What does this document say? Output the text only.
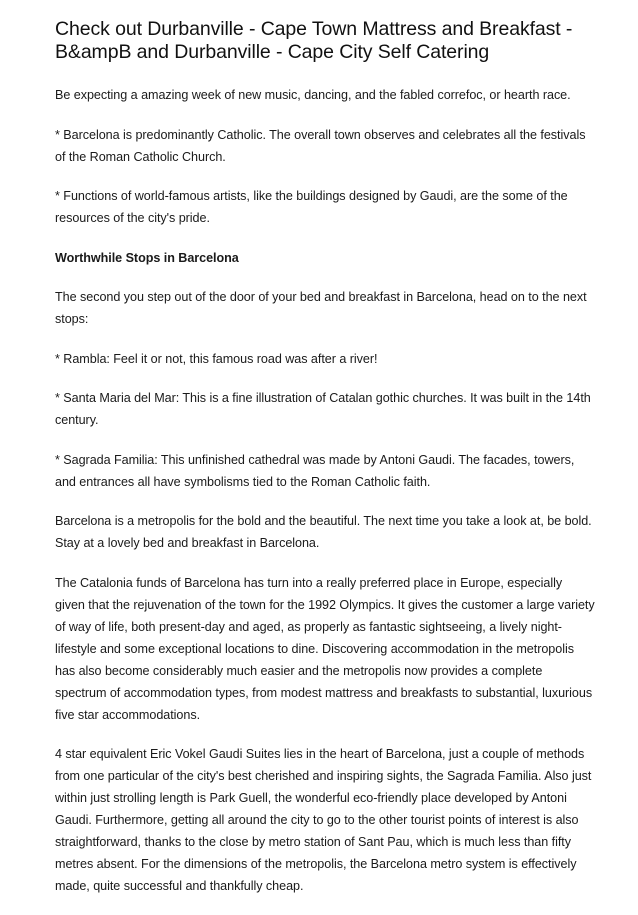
Check out Durbanville - Cape Town Mattress and Breakfast - B&ampB and Durbanville - Cape City Self Catering

Be expecting a amazing week of new music, dancing, and the fabled correfoc, or hearth race.

* Barcelona is predominantly Catholic. The overall town observes and celebrates all the festivals of the Roman Catholic Church.

* Functions of world-famous artists, like the buildings designed by Gaudi, are the some of the resources of the city's pride.

Worthwhile Stops in Barcelona

The second you step out of the door of your bed and breakfast in Barcelona, head on to the next stops:

* Rambla: Feel it or not, this famous road was after a river!

* Santa Maria del Mar: This is a fine illustration of Catalan gothic churches. It was built in the 14th century.

* Sagrada Familia: This unfinished cathedral was made by Antoni Gaudi. The facades, towers, and entrances all have symbolisms tied to the Roman Catholic faith.

Barcelona is a metropolis for the bold and the beautiful. The next time you take a look at, be bold. Stay at a lovely bed and breakfast in Barcelona.

The Catalonia funds of Barcelona has turn into a really preferred place in Europe, especially given that the rejuvenation of the town for the 1992 Olympics. It gives the customer a large variety of way of life, both present-day and aged, as properly as fantastic sightseeing, a lively night-lifestyle and some exceptional locations to dine. Discovering accommodation in the metropolis has also become considerably much easier and the metropolis now provides a complete spectrum of accommodation types, from modest mattress and breakfasts to substantial, luxurious five star accommodations.

4 star equivalent Eric Vokel Gaudi Suites lies in the heart of Barcelona, just a couple of methods from one particular of the city's best cherished and inspiring sights, the Sagrada Familia. Also just within just strolling length is Park Guell, the wonderful eco-friendly place developed by Antoni Gaudi. Furthermore, getting all around the city to go to the other tourist points of interest is also straightforward, thanks to the close by metro station of Sant Pau, which is much less than fifty metres absent. For the dimensions of the metropolis, the Barcelona metro system is effectively made, quite successful and thankfully cheap.
